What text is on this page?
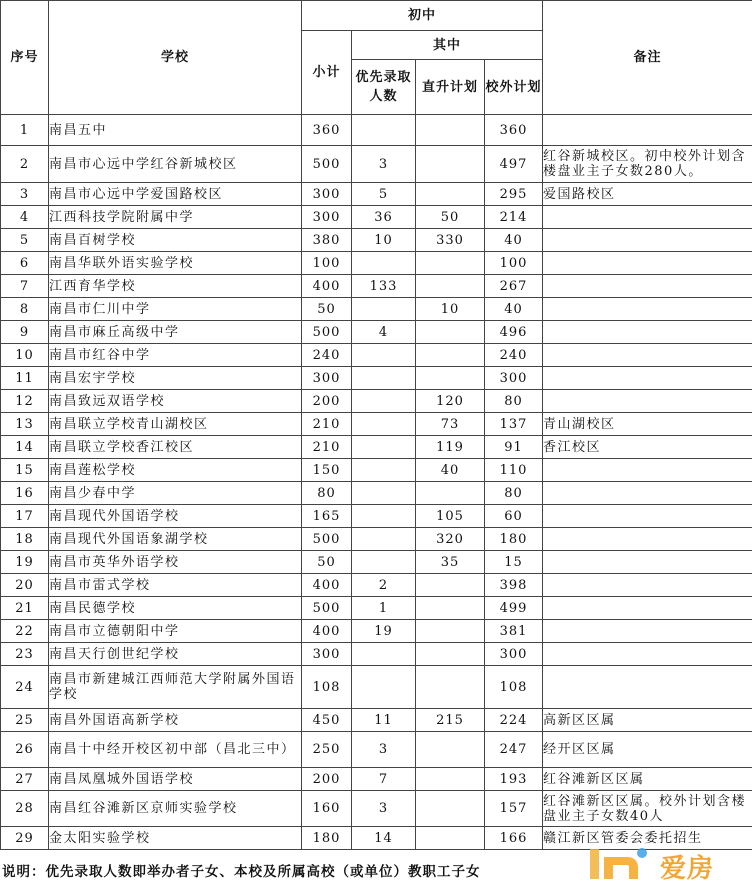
序号	学校	初中				备注
		小计	其中			
			优先录取人数	直升计划	校外计划	
1	南昌五中	360			360	
2	南昌市心远中学红谷新城校区	500	3		497	红谷新城校区。初中校外计划含楼盘业主子女数280人。
3	南昌市心远中学爱国路校区	300	5		295	爱国路校区
4	江西科技学院附属中学	300	36	50	214	
5	南昌百树学校	380	10	330	40	
6	南昌华联外语实验学校	100			100	
7	江西育华学校	400	133		267	
8	南昌市仁川中学	50		10	40	
9	南昌市麻丘高级中学	500	4		496	
10	南昌市红谷中学	240			240	
11	南昌宏宇学校	300			300	
12	南昌致远双语学校	200		120	80	
13	南昌联立学校青山湖校区	210		73	137	青山湖校区
14	南昌联立学校香江校区	210		119	91	香江校区
15	南昌莲松学校	150		40	110	
16	南昌少春中学	80			80	
17	南昌现代外国语学校	165		105	60	
18	南昌现代外国语象湖学校	500		320	180	
19	南昌市英华外语学校	50		35	15	
20	南昌市雷式学校	400	2		398	
21	南昌民德学校	500	1		499	
22	南昌市立德朝阳中学	400	19		381	
23	南昌天行创世纪学校	300			300	
24	南昌市新建城江西师范大学附属外国语学校	108			108	
25	南昌外国语高新学校	450	11	215	224	高新区区属
26	南昌十中经开校区初中部（昌北三中）	250	3		247	经开区区属
27	南昌凤凰城外国语学校	200	7		193	红谷滩新区区属
28	南昌红谷滩新区京师实验学校	160	3		157	红谷滩新区区属。校外计划含楼盘业主子女数40人
29	金太阳实验学校	180	14		166	赣江新区管委会委托招生
说明：优先录取人数即举办者子女、本校及所属高校（或单位）教职工子女	爱房
